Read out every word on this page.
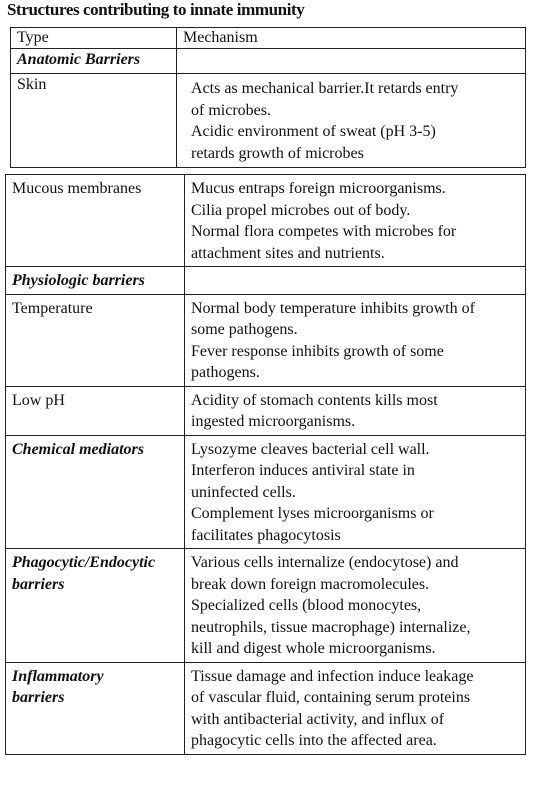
Structures contributing to innate immunity
Type	Mechanism

Anatomic Barriers	

Skin	Acts as mechanical barrier.It retards entry
of microbes.
Acidic environment of sweat (pH 3-5)
retards growth of microbes
Mucous membranes	Mucus entraps foreign microorganisms.
Cilia propel microbes out of body.
Normal flora competes with microbes for
attachment sites and nutrients.

Physiologic barriers	

Temperature	Normal body temperature inhibits growth of
some pathogens.
Fever response inhibits growth of some
pathogens.

Low pH	Acidity of stomach contents kills most
ingested microorganisms.

Chemical mediators	Lysozyme cleaves bacterial cell wall.
Interferon induces antiviral state in
uninfected cells.
Complement lyses microorganisms or
facilitates phagocytosis

Phagocytic/Endocytic
barriers	Various cells internalize (endocytose) and
break down foreign macromolecules.
Specialized cells (blood monocytes,
neutrophils, tissue macrophage) internalize,
kill and digest whole microorganisms.

Inflammatory
barriers	Tissue damage and infection induce leakage
of vascular fluid, containing serum proteins
with antibacterial activity, and influx of
phagocytic cells into the affected area.
